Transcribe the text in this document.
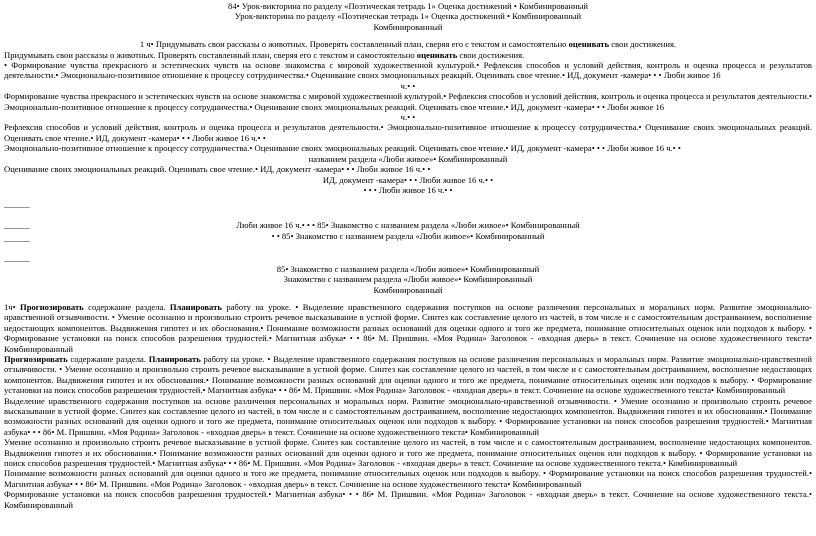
84• Урок-викторина по разделу «Поэтическая тетрадь 1» Оценка достижений • Комбинированный
Урок-викторина по разделу «Поэтическая тетрадь 1» Оценка достижений • Комбинированный
Комбинированный
1 ч• Придумывать свои рассказы о животных. Проверять составленный план, сверяя его с текстом и самостоятельно оценивать свои достижения.

Придумывать свои рассказы о животных. Проверять составленный план, сверяя его с текстом и самостоятельно оценивать свои достижения.

• Формирование чувства прекрасного и эстетических чувств на основе знакомства с мировой художественной культурой.• Рефлексия способов и условий действия, контроль и оценка процесса и результатов деятельности.• Эмоционально-позитивное отношение к процессу сотрудничества.• Оценивание своих эмоциональных реакций. Оценивать свое чтение.• ИД, документ -камера• • • Люби живое 16

ч.• •

Формирование чувства прекрасного и эстетических чувств на основе знакомства с мировой художественной культурой.• Рефлексия способов и условий действия, контроль и оценка процесса и результатов деятельности.• Эмоционально-позитивное отношение к процессу сотрудничества.• Оценивание своих эмоциональных реакций. Оценивать свое чтение.• ИД, документ -камера• • • Люби живое 16

ч.• •

Рефлексия способов и условий действия, контроль и оценка процесса и результатов деятельности.• Эмоционально-позитивное отношение к процессу сотрудничества.• Оценивание своих эмоциональных реакций. Оценивать свое чтение.• ИД, документ -камера• • • Люби живое 16 ч.• •

Эмоционально-позитивное отношение к процессу сотрудничества.• Оценивание своих эмоциональных реакций. Оценивать свое чтение.• ИД, документ -камера• • • Люби живое 16 ч.• •

названием раздела «Люби живое»• Комбинированный

Оценивание своих эмоциональных реакций. Оценивать свое чтение.• ИД, документ -камера• • • Люби живое 16 ч.• •

ИД, документ -камера• • • Люби живое 16 ч.• •
• • • Люби живое 16 ч.• •
______
______	Люби живое 16 ч.• • • 85• Знакомство с названием раздела «Люби живое»• Комбинированный
• • 85• Знакомство с названием раздела «Люби живое»• Комбинированный
______
______
85• Знакомство с названием раздела «Люби живое»• Комбинированный
Знакомство с названием раздела «Люби живое»• Комбинированный
Комбинированный

1ч• Прогнозировать содержание раздела. Планировать работу на уроке. • Выделение нравственного содержания поступков на основе различения персональных и моральных норм. Развитие эмоционально-нравственной отзывчивости. • Умение осознанно и произвольно строить речевое высказывание в устной форме. Синтез как составление целого из частей, в том числе и с самостоятельным достраиванием, восполнение недостающих компонентов. Выдвижения гипотез и их обоснования.• Понимание возможности разных оснований для оценки одного и того же предмета, понимание относительных оценок или подходов к выбору. • Формирование установки на поиск способов разрешения трудностей.• Магнитная азбука• • • 86• М. Пришвин. «Моя Родина» Заголовок - «входная дверь» в текст. Сочинение на основе художественного текста• Комбинированный

Прогнозировать содержание раздела. Планировать работу на уроке. • Выделение нравственного содержания поступков на основе различения персональных и моральных норм. Развитие эмоционально-нравственной отзывчивости. • Умение осознанно и произвольно строить речевое высказывание в устной форме. Синтез как составление целого из частей, в том числе и с самостоятельным достраиванием, восполнение недостающих компонентов. Выдвижения гипотез и их обоснования.• Понимание возможности разных оснований для оценки одного и того же предмета, понимание относительных оценок или подходов к выбору. • Формирование установки на поиск способов разрешения трудностей.• Магнитная азбука• • • 86• М. Пришвин. «Моя Родина» Заголовок - «входная дверь» в текст. Сочинение на основе художественного текста• Комбинированный

Выделение нравственного содержания поступков на основе различения персональных и моральных норм. Развитие эмоционально-нравственной отзывчивости. • Умение осознанно и произвольно строить речевое высказывание в устной форме. Синтез как составление целого из частей, в том числе и с самостоятельным достраиванием, восполнение недостающих компонентов. Выдвижения гипотез и их обоснования.• Понимание возможности разных оснований для оценки одного и того же предмета, понимание относительных оценок или подходов к выбору. • Формирование установки на поиск способов разрешения трудностей.• Магнитная азбука• • • 86• М. Пришвин. «Моя Родина» Заголовок - «входная дверь» в текст. Сочинение на основе художественного текста• Комбинированный

Умение осознанно и произвольно строить речевое высказывание в устной форме. Синтез как составление целого из частей, в том числе и с самостоятельным достраиванием, восполнение недостающих компонентов. Выдвижения гипотез и их обоснования.• Понимание возможности разных оснований для оценки одного и того же предмета, понимание относительных оценок или подходов к выбору. • Формирование установки на поиск способов разрешения трудностей.• Магнитная азбука• • • 86• М. Пришвин. «Моя Родина» Заголовок - «входная дверь» в текст. Сочинение на основе художественного текста.• Комбинированный

Понимание возможности разных оснований для оценки одного и того же предмета, понимание относительных оценок или подходов к выбору. • Формирование установки на поиск способов разрешения трудностей.• Магнитная азбука• • • 86• М. Пришвин. «Моя Родина» Заголовок - «входная дверь» в текст. Сочинение на основе художественного текста• Комбинированный

Формирование установки на поиск способов разрешения трудностей.• Магнитная азбука• • • 86• М. Пришвин. «Моя Родина» Заголовок - «входная дверь» в текст. Сочинение на основе художественного текста.• Комбинированный
